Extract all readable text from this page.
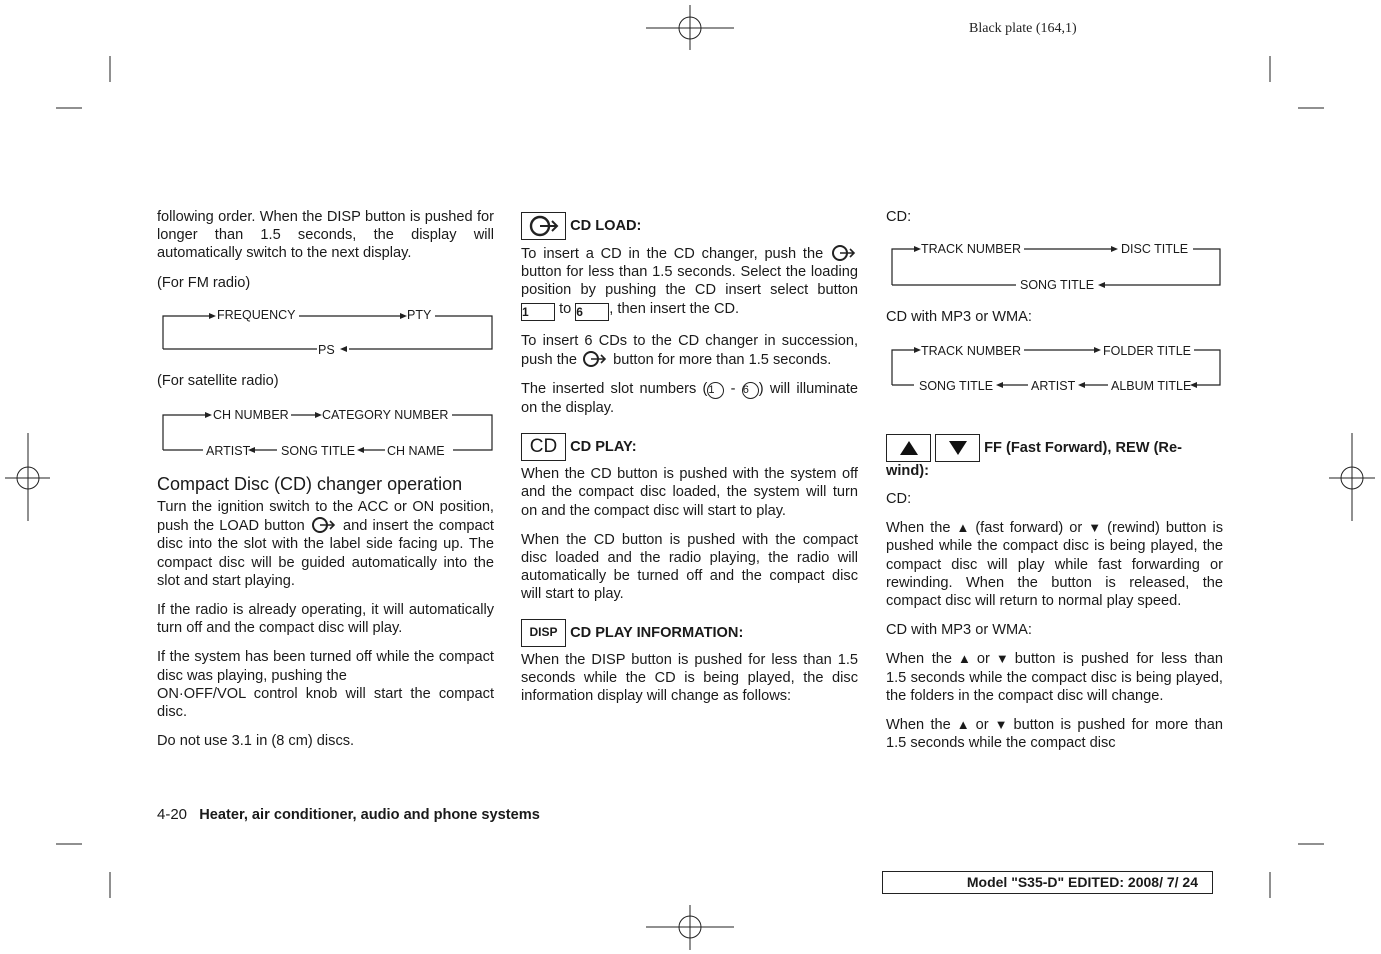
Black plate (164,1)

following order. When the DISP button is pushed for longer than 1.5 seconds, the display will automatically switch to the next display.

(For FM radio)

FREQUENCY	PTY
PS

(For satellite radio)

CH NUMBER	CATEGORY NUMBER
ARTIST SONG TITLE	CH NAME

Compact Disc (CD) changer operation

Turn the ignition switch to the ACC or ON position, push the LOAD button	and insert the compact disc into the slot with the label side facing up. The compact disc will be guided automatically into the slot and start playing.

If the radio is already operating, it will automatically turn off and the compact disc will play.

If the system has been turned off while the compact disc was playing, pushing the
ON·OFF/VOL control knob will start the compact disc.

Do not use 3.1 in (8 cm) discs.

CD LOAD:

To insert a CD in the CD changer, push the  button for less than 1.5 seconds. Select the loading position by pushing the CD insert select button 1 to 6 , then insert the CD.

To insert 6 CDs to the CD changer in succession, push the button for more than 1.5 seconds.

The inserted slot numbers (1 - 6 ) will illuminate on the display.

CD CD PLAY:

When the CD button is pushed with the system off and the compact disc loaded, the system will turn on and the compact disc will start to play.

When the CD button is pushed with the compact disc loaded and the radio playing, the radio will automatically be turned off and the compact disc will start to play.

DISP CD PLAY INFORMATION:

When the DISP button is pushed for less than 1.5 seconds while the CD is being played, the disc information display will change as follows:

CD:

TRACK NUMBER	DISC TITLE
SONG TITLE

CD with MP3 or WMA:

TRACK NUMBER	FOLDER TITLE
SONG TITLE	ARTIST	ALBUM TITLE

FF (Fast Forward), REW (Re-wind):

CD:

When the ▲ (fast forward) or ▼ (rewind) button is pushed while the compact disc is being played, the compact disc will play while fast forwarding or rewinding. When the button is released, the compact disc will return to normal play speed.

CD with MP3 or WMA:

When the ▲ or ▼ button is pushed for less than 1.5 seconds while the compact disc is being played, the folders in the compact disc will change.

When the ▲ or ▼ button is pushed for more than 1.5 seconds while the compact disc

4-20 Heater, air conditioner, audio and phone systems
Model "S35-D" EDITED: 2008/ 7/ 24
